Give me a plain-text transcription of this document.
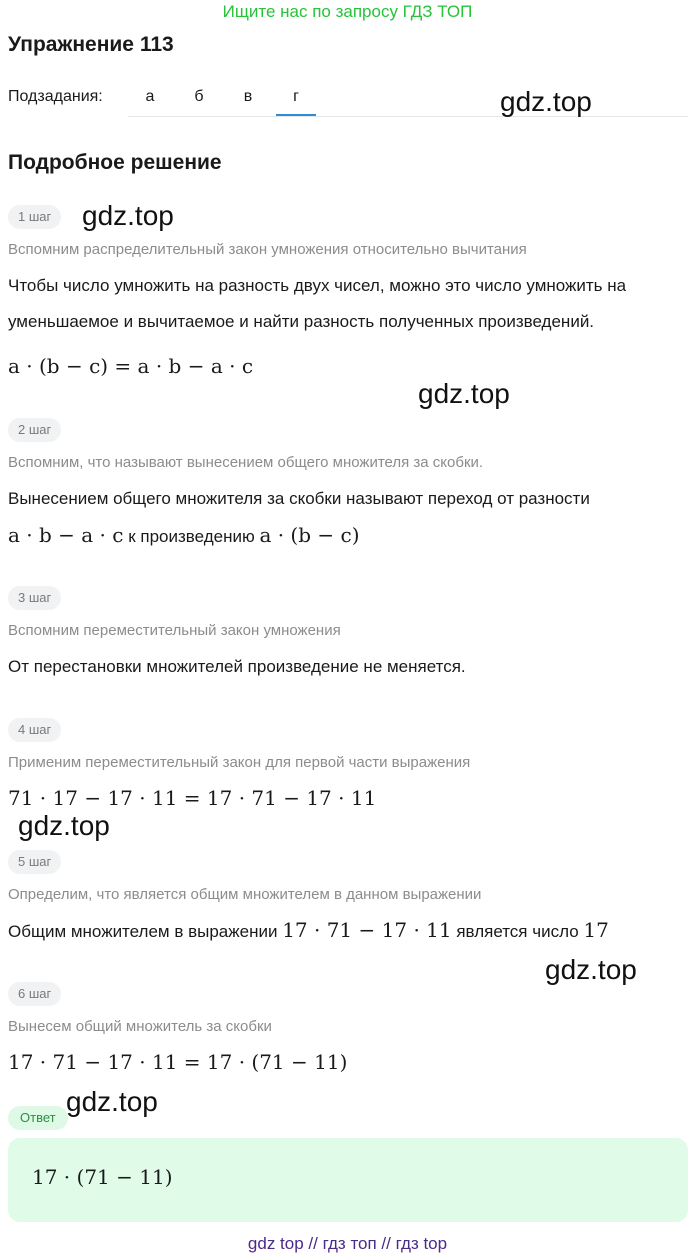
Ищите нас по запросу ГДЗ ТОП
Упражнение 113
Подзадания:	а	б	в	г	gdz.top
Подробное решение
1 шаг	gdz.top
Вспомним распределительный закон умножения относительно вычитания
Чтобы число умножить на разность двух чисел, можно это число умножить на уменьшаемое и вычитаемое и найти разность полученных произведений.
a · (b − c) = a · b − a · c
gdz.top
2 шаг
Вспомним, что называют вынесением общего множителя за скобки.
Вынесением общего множителя за скобки называют переход от разности a · b − a · c к произведению a · (b − c)
3 шаг
Вспомним переместительный закон умножения
От перестановки множителей произведение не меняется.
4 шаг
Применим переместительный закон для первой части выражения
71 · 17 − 17 · 11 = 17 · 71 − 17 · 11
gdz.top
5 шаг
Определим, что является общим множителем в данном выражении
Общим множителем в выражении 17 · 71 − 17 · 11 является число 17
gdz.top
6 шаг
Вынесем общий множитель за скобки
17 · 71 − 17 · 11 = 17 · (71 − 11)
Ответ
gdz.top
17 · (71 − 11)
gdz top // гдз топ // гдз top
